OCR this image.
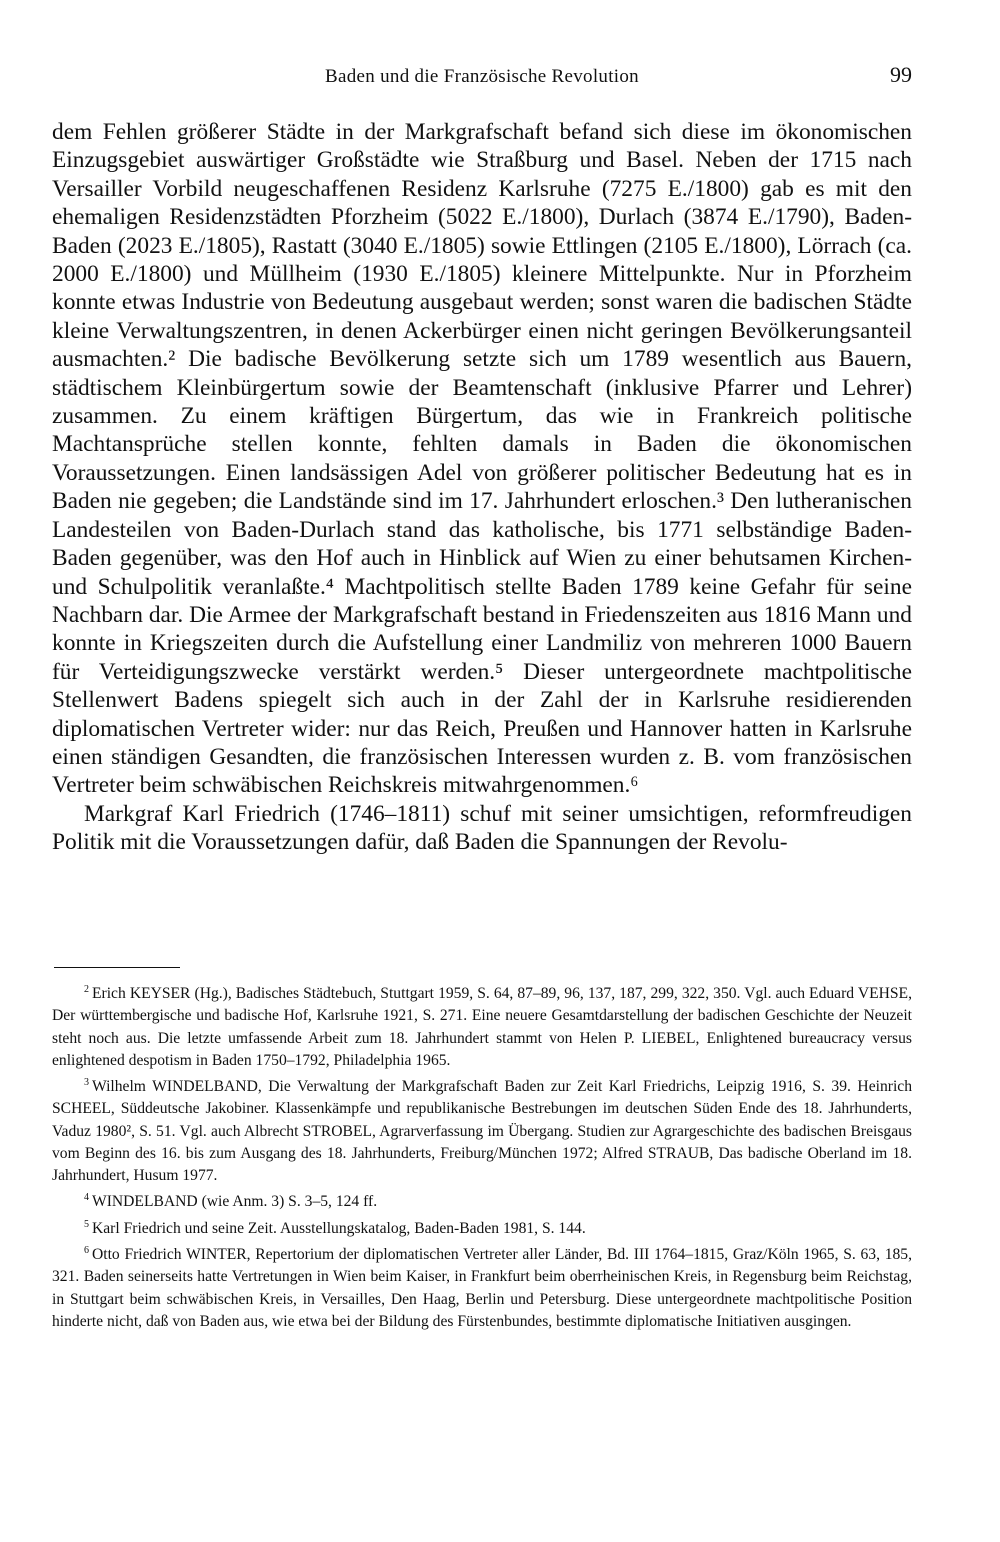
Baden und die Französische Revolution	99

dem Fehlen größerer Städte in der Markgrafschaft befand sich diese im ökonomischen Einzugsgebiet auswärtiger Großstädte wie Straßburg und Basel. Neben der 1715 nach Versailler Vorbild neugeschaffenen Residenz Karlsruhe (7275 E./1800) gab es mit den ehemaligen Residenzstädten Pforzheim (5022 E./1800), Durlach (3874 E./1790), Baden-Baden (2023 E./1805), Rastatt (3040 E./1805) sowie Ettlingen (2105 E./1800), Lörrach (ca. 2000 E./1800) und Müllheim (1930 E./1805) kleinere Mittelpunkte. Nur in Pforzheim konnte etwas Industrie von Bedeutung ausgebaut werden; sonst waren die badischen Städte kleine Verwaltungszentren, in denen Ackerbürger einen nicht geringen Bevölkerungsanteil ausmachten.² Die badische Bevölkerung setzte sich um 1789 wesentlich aus Bauern, städtischem Kleinbürgertum sowie der Beamtenschaft (inklusive Pfarrer und Lehrer) zusammen. Zu einem kräftigen Bürgertum, das wie in Frankreich politische Machtansprüche stellen konnte, fehlten damals in Baden die ökonomischen Voraussetzungen. Einen landsässigen Adel von größerer politischer Bedeutung hat es in Baden nie gegeben; die Landstände sind im 17. Jahrhundert erloschen.³ Den lutheranischen Landesteilen von Baden-Durlach stand das katholische, bis 1771 selbständige Baden-Baden gegenüber, was den Hof auch in Hinblick auf Wien zu einer behutsamen Kirchen- und Schulpolitik veranlaßte.⁴ Machtpolitisch stellte Baden 1789 keine Gefahr für seine Nachbarn dar. Die Armee der Markgrafschaft bestand in Friedenszeiten aus 1816 Mann und konnte in Kriegszeiten durch die Aufstellung einer Landmiliz von mehreren 1000 Bauern für Verteidigungszwecke verstärkt werden.⁵ Dieser untergeordnete machtpolitische Stellenwert Badens spiegelt sich auch in der Zahl der in Karlsruhe residierenden diplomatischen Vertreter wider: nur das Reich, Preußen und Hannover hatten in Karlsruhe einen ständigen Gesandten, die französischen Interessen wurden z. B. vom französischen Vertreter beim schwäbischen Reichskreis mitwahrgenommen.⁶

Markgraf Karl Friedrich (1746–1811) schuf mit seiner umsichtigen, reformfreudigen Politik mit die Voraussetzungen dafür, daß Baden die Spannungen der Revolu-

$^2$ Erich KEYSER (Hg.), Badisches Städtebuch, Stuttgart 1959, S. 64, 87–89, 96, 137, 187, 299, 322, 350. Vgl. auch Eduard VEHSE, Der württembergische und badische Hof, Karlsruhe 1921, S. 271. Eine neuere Gesamtdarstellung der badischen Geschichte der Neuzeit steht noch aus. Die letzte umfassende Arbeit zum 18. Jahrhundert stammt von Helen P. LIEBEL, Enlightened bureaucracy versus enlightened despotism in Baden 1750–1792, Philadelphia 1965.

$^3$ Wilhelm WINDELBAND, Die Verwaltung der Markgrafschaft Baden zur Zeit Karl Friedrichs, Leipzig 1916, S. 39. Heinrich SCHEEL, Süddeutsche Jakobiner. Klassenkämpfe und republikanische Bestrebungen im deutschen Süden Ende des 18. Jahrhunderts, Vaduz 1980², S. 51. Vgl. auch Albrecht STROBEL, Agrarverfassung im Übergang. Studien zur Agrargeschichte des badischen Breisgaus vom Beginn des 16. bis zum Ausgang des 18. Jahrhunderts, Freiburg/München 1972; Alfred STRAUB, Das badische Oberland im 18. Jahrhundert, Husum 1977.

$^4$ WINDELBAND (wie Anm. 3) S. 3–5, 124 ff.

$^5$ Karl Friedrich und seine Zeit. Ausstellungskatalog, Baden-Baden 1981, S. 144.

$^6$ Otto Friedrich WINTER, Repertorium der diplomatischen Vertreter aller Länder, Bd. III 1764–1815, Graz/Köln 1965, S. 63, 185, 321. Baden seinerseits hatte Vertretungen in Wien beim Kaiser, in Frankfurt beim oberrheinischen Kreis, in Regensburg beim Reichstag, in Stuttgart beim schwäbischen Kreis, in Versailles, Den Haag, Berlin und Petersburg. Diese untergeordnete machtpolitische Position hinderte nicht, daß von Baden aus, wie etwa bei der Bildung des Fürstenbundes, bestimmte diplomatische Initiativen ausgingen.
